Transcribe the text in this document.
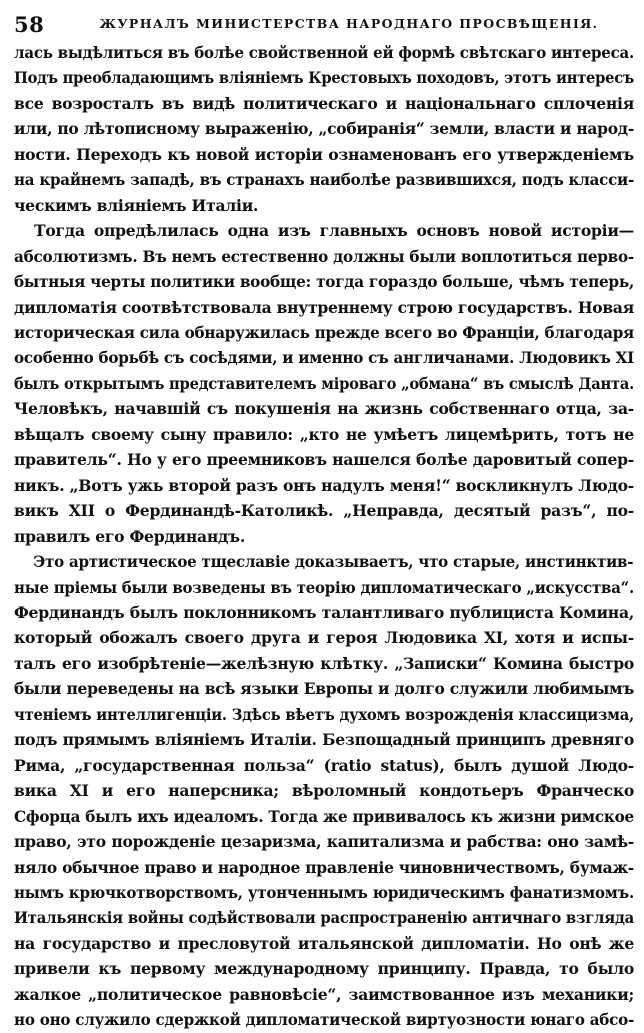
58	ЖУРНАЛЪ МИНИСТЕРСТВА НАРОДНАГО ПРОСВѢЩЕНІЯ.

лась выдѣлиться въ болѣе свойственной ей формѣ свѣтскаго интереса.
Подъ преобладающимъ вліяніемъ Крестовыхъ походовъ, этотъ интересъ
все возросталъ въ видѣ политическаго и національнаго сплоченія
или, по лѣтописному выраженію, „собиранія“ земли, власти и народ-
ности. Переходъ къ новой исторіи ознаменованъ его утвержденіемъ
на крайнемъ западѣ, въ странахъ наиболѣе развившихся, подъ класси-
ческимъ вліяніемъ Италіи.

Тогда опредѣлилась одна изъ главныхъ основъ новой исторіи—
абсолютизмъ. Въ немъ естественно должны были воплотиться перво-
бытныя черты политики вообще: тогда гораздо больше, чѣмъ теперь,
дипломатія соотвѣтствовала внутреннему строю государствъ. Новая
историческая сила обнаружилась прежде всего во Франціи, благодаря
особенно борьбѣ съ сосѣдями, и именно съ англичанами. Людовикъ XI
былъ открытымъ представителемъ міроваго „обмана“ въ смыслѣ Данта.
Человѣкъ, начавшій съ покушенія на жизнь собственнаго отца, за-
вѣщалъ своему сыну правило: „кто не умѣетъ лицемѣрить, тотъ не
правитель“. Но у его преемниковъ нашелся болѣе даровитый сопер-
никъ. „Вотъ ужь второй разъ онъ надулъ меня!“ воскликнулъ Людо-
викъ XII о Фердинандѣ-Католикѣ. „Неправда, десятый разъ“, по-
правилъ его Фердинандъ.

Это артистическое тщеславіе доказываетъ, что старые, инстинктив-
ные пріемы были возведены въ теорію дипломатическаго „искусства“.
Фердинандъ былъ поклонникомъ талантливаго публициста Комина,
который обожалъ своего друга и героя Людовика XI, хотя и испы-
талъ его изобрѣтеніе—желѣзную клѣтку. „Записки“ Комина быстро
были переведены на всѣ языки Европы и долго служили любимымъ
чтеніемъ интеллигенціи. Здѣсь вѣетъ духомъ возрожденія классицизма,
подъ прямымъ вліяніемъ Италіи. Безпощадный принципъ древняго
Рима, „государственная польза“ (ratio status), былъ душой Людо-
вика XI и его наперсника; вѣроломный кондотьеръ Франческо
Сфорца былъ ихъ идеаломъ. Тогда же прививалось къ жизни римское
право, это порожденіе цезаризма, капитализма и рабства: оно замѣ-
няло обычное право и народное правленіе чиновничествомъ, бумаж-
нымъ крючкотворствомъ, утонченнымъ юридическимъ фанатизмомъ.
Итальянскія войны содѣйствовали распространенію античнаго взгляда
на государство и пресловутой итальянской дипломатіи. Но онѣ же
привели къ первому международному принципу. Правда, то было
жалкое „политическое равновѣсіе“, заимствованное изъ механики;
но оно служило сдержкой дипломатической виртуозности юнаго абсо-
